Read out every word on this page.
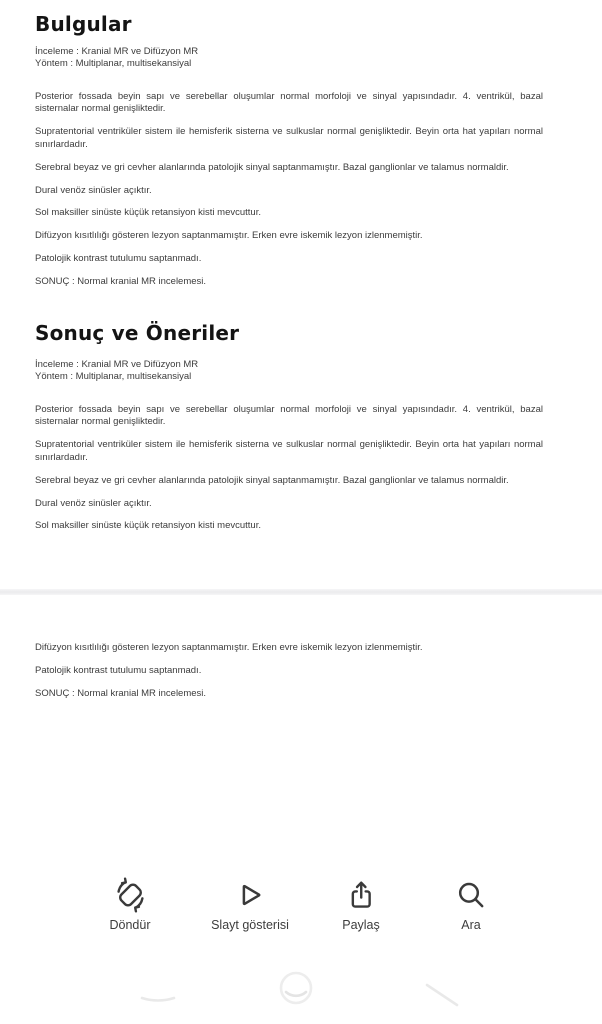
Bulgular
İnceleme : Kranial MR ve Difüzyon MR
Yöntem : Multiplanar, multisekansiyal

Posterior fossada beyin sapı ve serebellar oluşumlar normal morfoloji ve sinyal yapısındadır. 4. ventrikül, bazal sisternalar normal genişliktedir.

Supratentorial ventriküler sistem ile hemisferik sisterna ve sulkuslar normal genişliktedir. Beyin orta hat yapıları normal sınırlardadır.

Serebral beyaz ve gri cevher alanlarında patolojik sinyal saptanmamıştır. Bazal ganglionlar ve talamus normaldir.

Dural venöz sinüsler açıktır.

Sol maksiller sinüste küçük retansiyon kisti mevcuttur.

Difüzyon kısıtlılığı gösteren lezyon saptanmamıştır. Erken evre iskemik lezyon izlenmemiştir.

Patolojik kontrast tutulumu saptanmadı.

SONUÇ : Normal kranial MR incelemesi.

Sonuç ve Öneriler
İnceleme : Kranial MR ve Difüzyon MR
Yöntem : Multiplanar, multisekansiyal

Posterior fossada beyin sapı ve serebellar oluşumlar normal morfoloji ve sinyal yapısındadır. 4. ventrikül, bazal sisternalar normal genişliktedir.

Supratentorial ventriküler sistem ile hemisferik sisterna ve sulkuslar normal genişliktedir. Beyin orta hat yapıları normal sınırlardadır.

Serebral beyaz ve gri cevher alanlarında patolojik sinyal saptanmamıştır. Bazal ganglionlar ve talamus normaldir.

Dural venöz sinüsler açıktır.

Sol maksiller sinüste küçük retansiyon kisti mevcuttur.

Difüzyon kısıtlılığı gösteren lezyon saptanmamıştır. Erken evre iskemik lezyon izlenmemiştir.

Patolojik kontrast tutulumu saptanmadı.

SONUÇ : Normal kranial MR incelemesi.

Döndür	Slayt gösterisi	Paylaş	Ara
